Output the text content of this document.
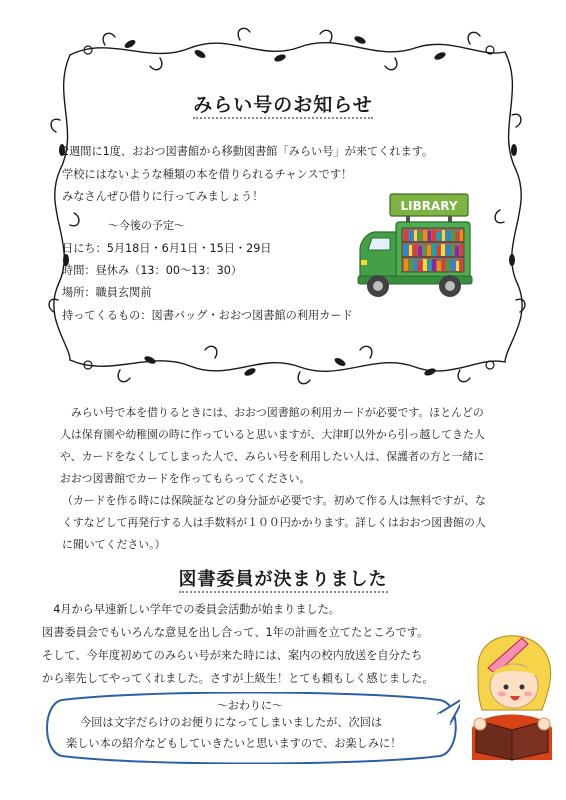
みらい号のお知らせ
2週間に1度、おおつ図書館から移動図書館「みらい号」が来てくれます。
学校にはないような種類の本を借りられるチャンスです！
みなさんぜひ借りに行ってみましょう！
～今後の予定～
日にち：5月18日・6月1日・15日・29日
時間：昼休み（13：00～13：30）
場所：職員玄関前
持ってくるもの：図書バッグ・おおつ図書館の利用カード
LIBRARY
　みらい号で本を借りるときには、おおつ図書館の利用カードが必要です。ほとんどの
人は保育園や幼稚園の時に作っていると思いますが、大津町以外から引っ越してきた人
や、カードをなくしてしまった人で、みらい号を利用したい人は、保護者の方と一緒に
おおつ図書館でカードを作ってもらってください。
（カードを作る時には保険証などの身分証が必要です。初めて作る人は無料ですが、な
くすなどして再発行する人は手数料が１００円かかります。詳しくはおおつ図書館の人
に聞いてください。）
図書委員が決まりました
　4月から早速新しい学年での委員会活動が始まりました。
図書委員会でもいろんな意見を出し合って、1年の計画を立てたところです。
そして、今年度初めてのみらい号が来た時には、案内の校内放送を自分たち
から率先してやってくれました。さすが上級生！とても頼もしく感じました。
～おわりに～
今回は文字だらけのお便りになってしまいましたが、次回は
楽しい本の紹介などもしていきたいと思いますので、お楽しみに！
